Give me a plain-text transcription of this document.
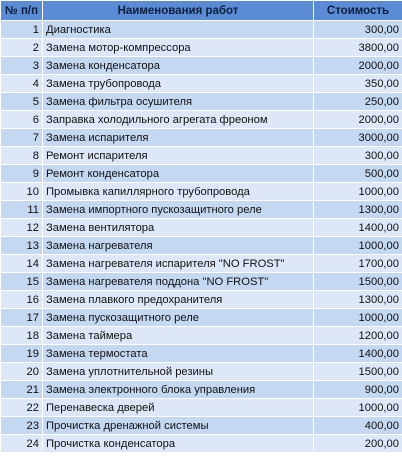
№ п/п	Наименования работ	Стоимость
1	Диагностика	300,00
2	Замена мотор-компрессора	3800,00
3	Замена конденсатора	2000,00
4	Замена трубопровода	350,00
5	Замена фильтра осушителя	250,00
6	Заправка холодильного агрегата фреоном	2000,00
7	Замена испарителя	3000,00
8	Ремонт испарителя	300,00
9	Ремонт конденсатора	500,00
10	Промывка капиллярного трубопровода	1000,00
11	Замена импортного пускозащитного реле	1300,00
12	Замена вентилятора	1400,00
13	Замена нагревателя	1000,00
14	Замена нагревателя испарителя "NO FROST"	1700,00
15	Замена нагревателя поддона "NO FROST"	1500,00
16	Замена плавкого предохранителя	1300,00
17	Замена пускозащитного реле	1000,00
18	Замена таймера	1200,00
19	Замена термостата	1400,00
20	Замена уплотнительной резины	1500,00
21	Замена электронного блока управления	900,00
22	Перенавеска дверей	1000,00
23	Прочистка дренажной системы	400,00
24	Прочистка конденсатора	200,00
